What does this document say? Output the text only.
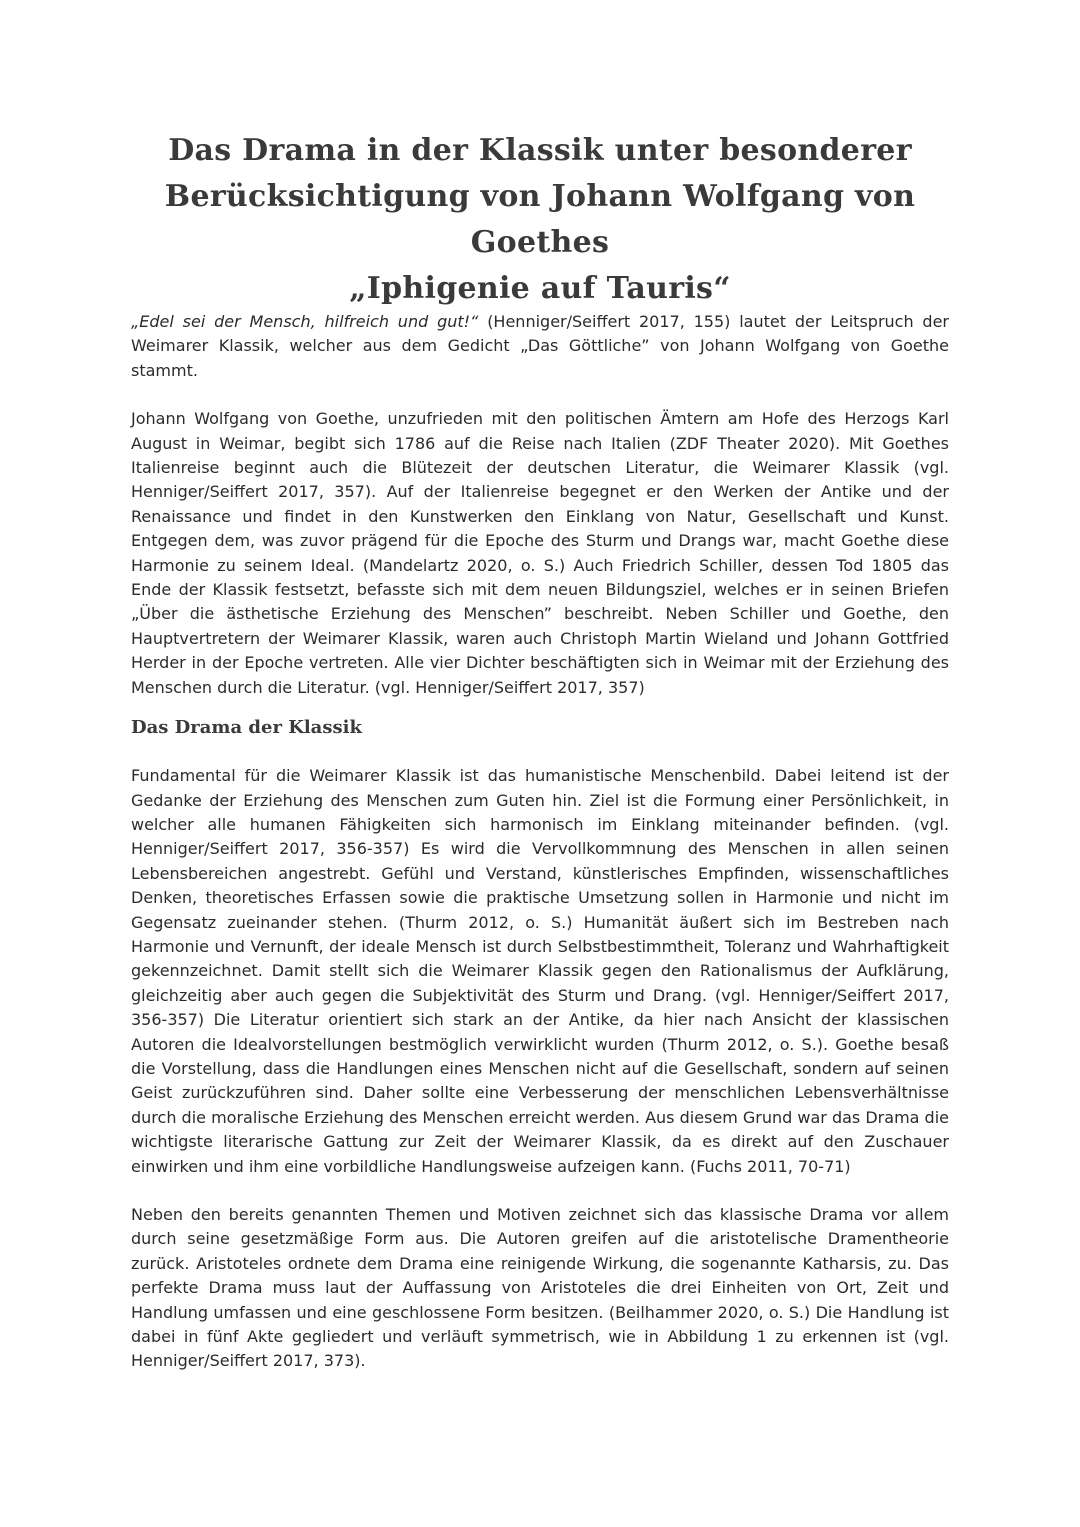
Das Drama in der Klassik unter besonderer
Berücksichtigung von Johann Wolfgang von Goethes
„Iphigenie auf Tauris“

„Edel sei der Mensch, hilfreich und gut!“ (Henniger/Seiffert 2017, 155) lautet der Leitspruch der Weimarer Klassik, welcher aus dem Gedicht „Das Göttliche” von Johann Wolfgang von Goethe stammt.

Johann Wolfgang von Goethe, unzufrieden mit den politischen Ämtern am Hofe des Herzogs Karl August in Weimar, begibt sich 1786 auf die Reise nach Italien (ZDF Theater 2020). Mit Goethes Italienreise beginnt auch die Blütezeit der deutschen Literatur, die Weimarer Klassik (vgl. Henniger/Seiffert 2017, 357). Auf der Italienreise begegnet er den Werken der Antike und der Renaissance und findet in den Kunstwerken den Einklang von Natur, Gesellschaft und Kunst. Entgegen dem, was zuvor prägend für die Epoche des Sturm und Drangs war, macht Goethe diese Harmonie zu seinem Ideal. (Mandelartz 2020, o. S.) Auch Friedrich Schiller, dessen Tod 1805 das Ende der Klassik festsetzt, befasste sich mit dem neuen Bildungsziel, welches er in seinen Briefen „Über die ästhetische Erziehung des Menschen” beschreibt. Neben Schiller und Goethe, den Hauptvertretern der Weimarer Klassik, waren auch Christoph Martin Wieland und Johann Gottfried Herder in der Epoche vertreten. Alle vier Dichter beschäftigten sich in Weimar mit der Erziehung des Menschen durch die Literatur. (vgl. Henniger/Seiffert 2017, 357)

Das Drama der Klassik

Fundamental für die Weimarer Klassik ist das humanistische Menschenbild. Dabei leitend ist der Gedanke der Erziehung des Menschen zum Guten hin. Ziel ist die Formung einer Persönlichkeit, in welcher alle humanen Fähigkeiten sich harmonisch im Einklang miteinander befinden. (vgl. Henniger/Seiffert 2017, 356-357) Es wird die Vervollkommnung des Menschen in allen seinen Lebensbereichen angestrebt. Gefühl und Verstand, künstlerisches Empfinden, wissenschaftliches Denken, theoretisches Erfassen sowie die praktische Umsetzung sollen in Harmonie und nicht im Gegensatz zueinander stehen. (Thurm 2012, o. S.) Humanität äußert sich im Bestreben nach Harmonie und Vernunft, der ideale Mensch ist durch Selbstbestimmtheit, Toleranz und Wahrhaftigkeit gekennzeichnet. Damit stellt sich die Weimarer Klassik gegen den Rationalismus der Aufklärung, gleichzeitig aber auch gegen die Subjektivität des Sturm und Drang. (vgl. Henniger/Seiffert 2017, 356-357) Die Literatur orientiert sich stark an der Antike, da hier nach Ansicht der klassischen Autoren die Idealvorstellungen bestmöglich verwirklicht wurden (Thurm 2012, o. S.). Goethe besaß die Vorstellung, dass die Handlungen eines Menschen nicht auf die Gesellschaft, sondern auf seinen Geist zurückzuführen sind. Daher sollte eine Verbesserung der menschlichen Lebensverhältnisse durch die moralische Erziehung des Menschen erreicht werden. Aus diesem Grund war das Drama die wichtigste literarische Gattung zur Zeit der Weimarer Klassik, da es direkt auf den Zuschauer einwirken und ihm eine vorbildliche Handlungsweise aufzeigen kann. (Fuchs 2011, 70-71)

Neben den bereits genannten Themen und Motiven zeichnet sich das klassische Drama vor allem durch seine gesetzmäßige Form aus. Die Autoren greifen auf die aristotelische Dramentheorie zurück. Aristoteles ordnete dem Drama eine reinigende Wirkung, die sogenannte Katharsis, zu. Das perfekte Drama muss laut der Auffassung von Aristoteles die drei Einheiten von Ort, Zeit und Handlung umfassen und eine geschlossene Form besitzen. (Beilhammer 2020, o. S.) Die Handlung ist dabei in fünf Akte gegliedert und verläuft symmetrisch, wie in Abbildung 1 zu erkennen ist (vgl. Henniger/Seiffert 2017, 373).
